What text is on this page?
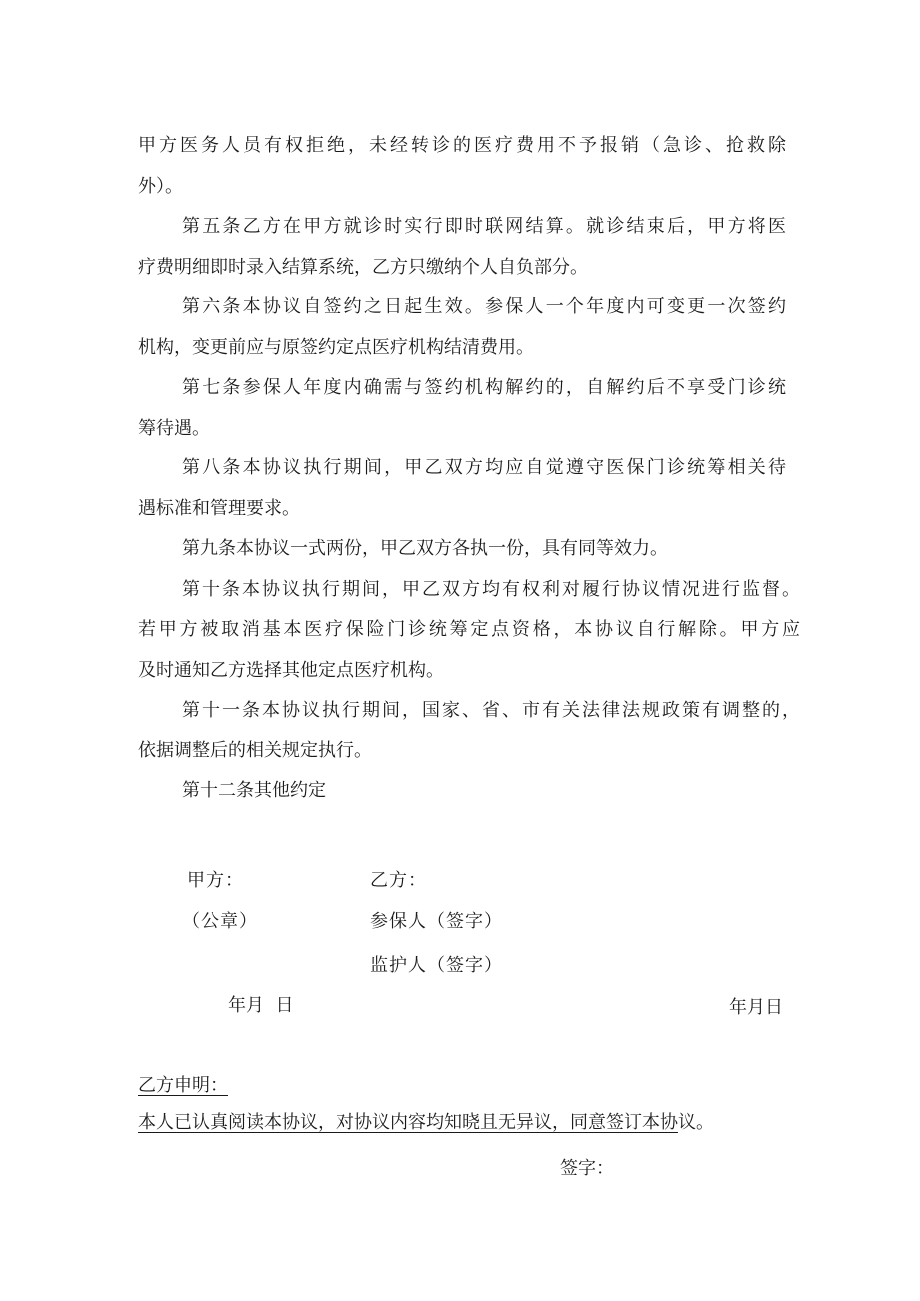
甲方医务人员有权拒绝，未经转诊的医疗费用不予报销（急诊、抢救除
外）。
第五条乙方在甲方就诊时实行即时联网结算。就诊结束后，甲方将医
疗费明细即时录入结算系统，乙方只缴纳个人自负部分。
第六条本协议自签约之日起生效。参保人一个年度内可变更一次签约
机构，变更前应与原签约定点医疗机构结清费用。
第七条参保人年度内确需与签约机构解约的，自解约后不享受门诊统
筹待遇。
第八条本协议执行期间，甲乙双方均应自觉遵守医保门诊统筹相关待
遇标准和管理要求。
第九条本协议一式两份，甲乙双方各执一份，具有同等效力。
第十条本协议执行期间，甲乙双方均有权利对履行协议情况进行监督。
若甲方被取消基本医疗保险门诊统筹定点资格，本协议自行解除。甲方应
及时通知乙方选择其他定点医疗机构。
第十一条本协议执行期间，国家、省、市有关法律法规政策有调整的，
依据调整后的相关规定执行。
第十二条其他约定
甲方：	乙方：
（公章）	参保人（签字）
监护人（签字）
年月  日	年月日
乙方申明：
本人已认真阅读本协议，对协议内容均知晓且无异议，同意签订本协议。
签字：
